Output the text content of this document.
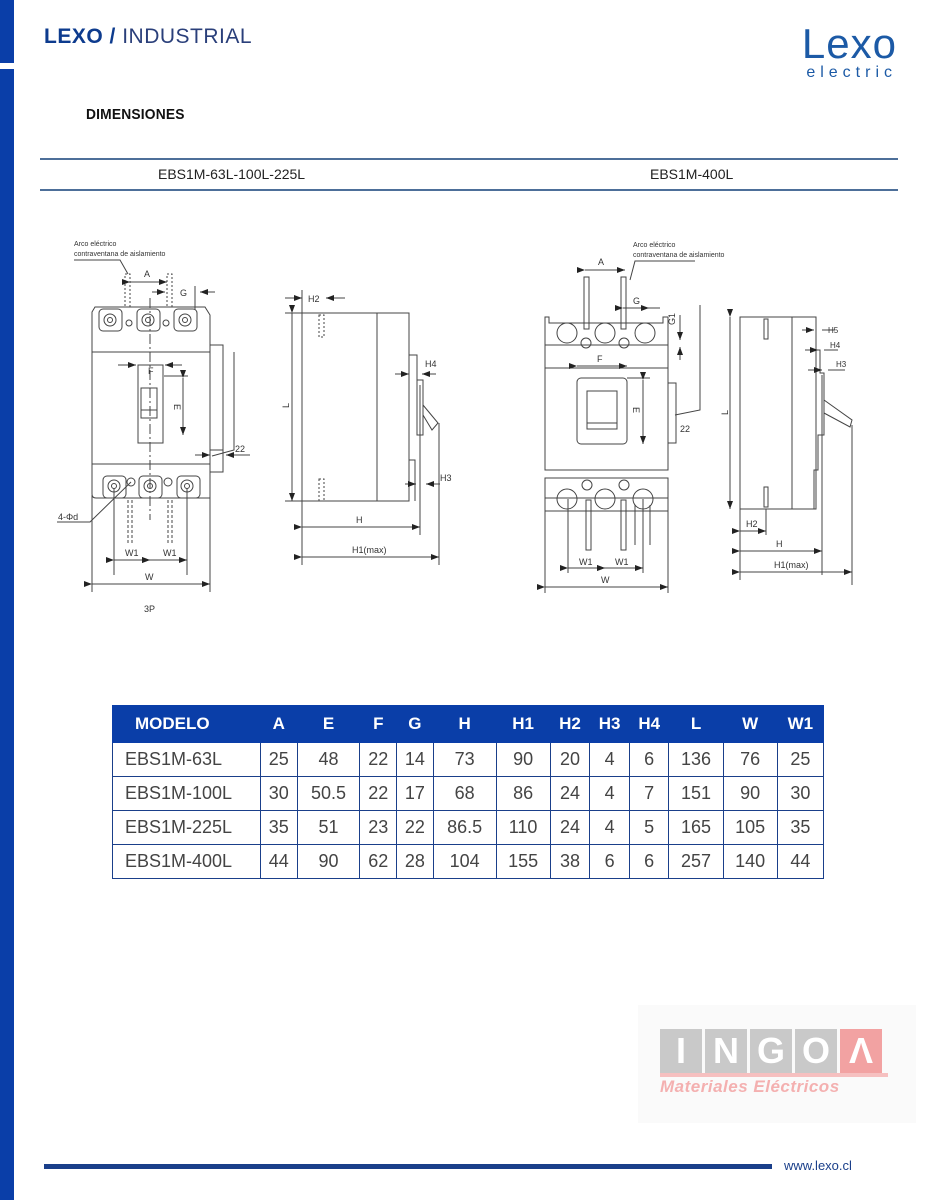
LEXO / INDUSTRIAL	Lexo
electric
DIMENSIONES
EBS1M-63L-100L-225L	EBS1M-400L
Arco eléctrico
contraventana de aislamiento
A
G
F
E
22
4-Φd
W1	W1
W
3P
H2
H4
L
H3
H
H1(max)
Arco eléctrico
contraventana de aislamiento
A
G
G1
F
E
22
W1	W1
W
L
H5
H4
H3
H2
H
H1(max)
MODELO	A	E	F	G	H	H1	H2	H3	H4	L	W	W1
EBS1M-63L	25	48	22	14	73	90	20	4	6	136	76	25
EBS1M-100L	30	50.5	22	17	68	86	24	4	7	151	90	30
EBS1M-225L	35	51	23	22	86.5	110	24	4	5	165	105	35
EBS1M-400L	44	90	62	28	104	155	38	6	6	257	140	44
I N G O Λ
Materiales Eléctricos
www.lexo.cl
